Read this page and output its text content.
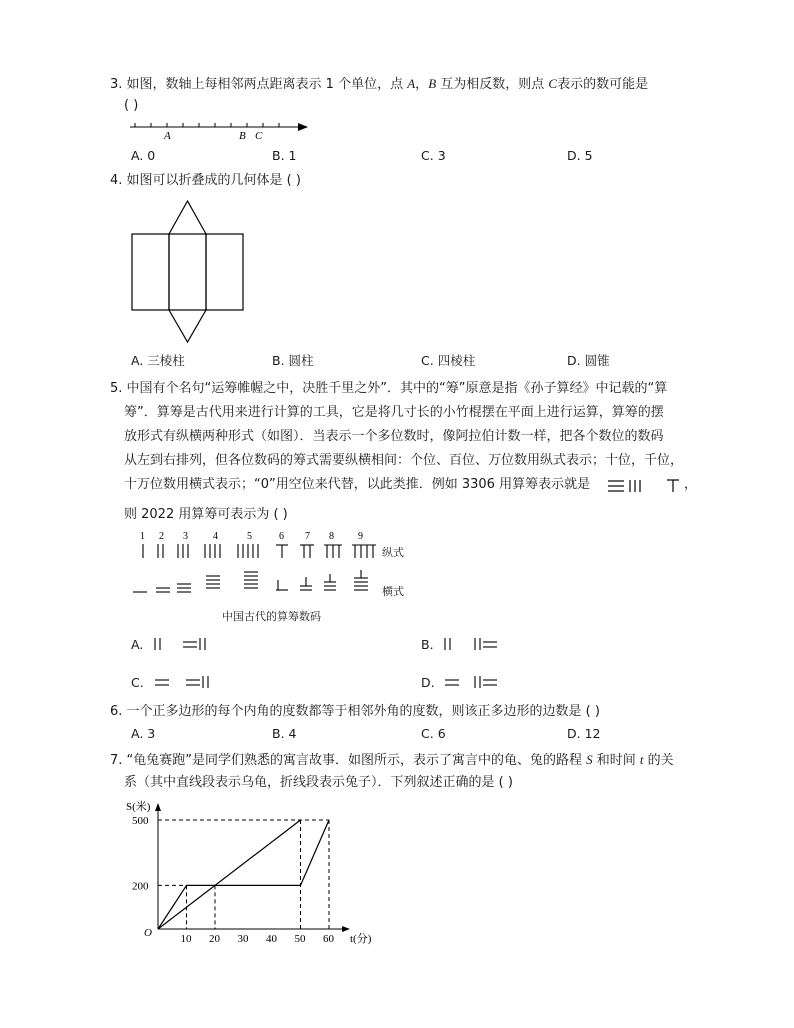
3. 如图，数轴上每相邻两点距离表示 1 个单位，点 A，B 互为相反数，则点 C表示的数可能是
( )
A	B C
A. 0	B. 1	C. 3	D. 5
4. 如图可以折叠成的几何体是 ( )
A. 三棱柱	B. 圆柱	C. 四棱柱	D. 圆锥
5. 中国有个名句“运筹帷幄之中，决胜千里之外”．其中的“筹”原意是指《孙子算经》中记载的“算
筹”．算筹是古代用来进行计算的工具，它是将几寸长的小竹棍摆在平面上进行运算，算筹的摆
放形式有纵横两种形式（如图）．当表示一个多位数时，像阿拉伯计数一样，把各个数位的数码
从左到右排列，但各位数码的筹式需要纵横相间：个位、百位、万位数用纵式表示；十位，千位，
十万位数用横式表示；“0”用空位来代替，以此类推．例如 3306 用算筹表示就是	，
则 2022 用算筹可表示为 ( )
1 2 3	4	5	6 7 8 9
纵式
横式
中国古代的算筹数码
A.	B.
C.	D.
6. 一个正多边形的每个内角的度数都等于相邻外角的度数，则该正多边形的边数是 ( )
A. 3	B. 4	C. 6	D. 12
7. “龟兔赛跑”是同学们熟悉的寓言故事．如图所示，表示了寓言中的龟、兔的路程 S 和时间 t 的关
系（其中直线段表示乌龟，折线段表示兔子）．下列叙述正确的是 ( )
S(米)
t(分)
O	10 20 30 40 50 60
200
500
